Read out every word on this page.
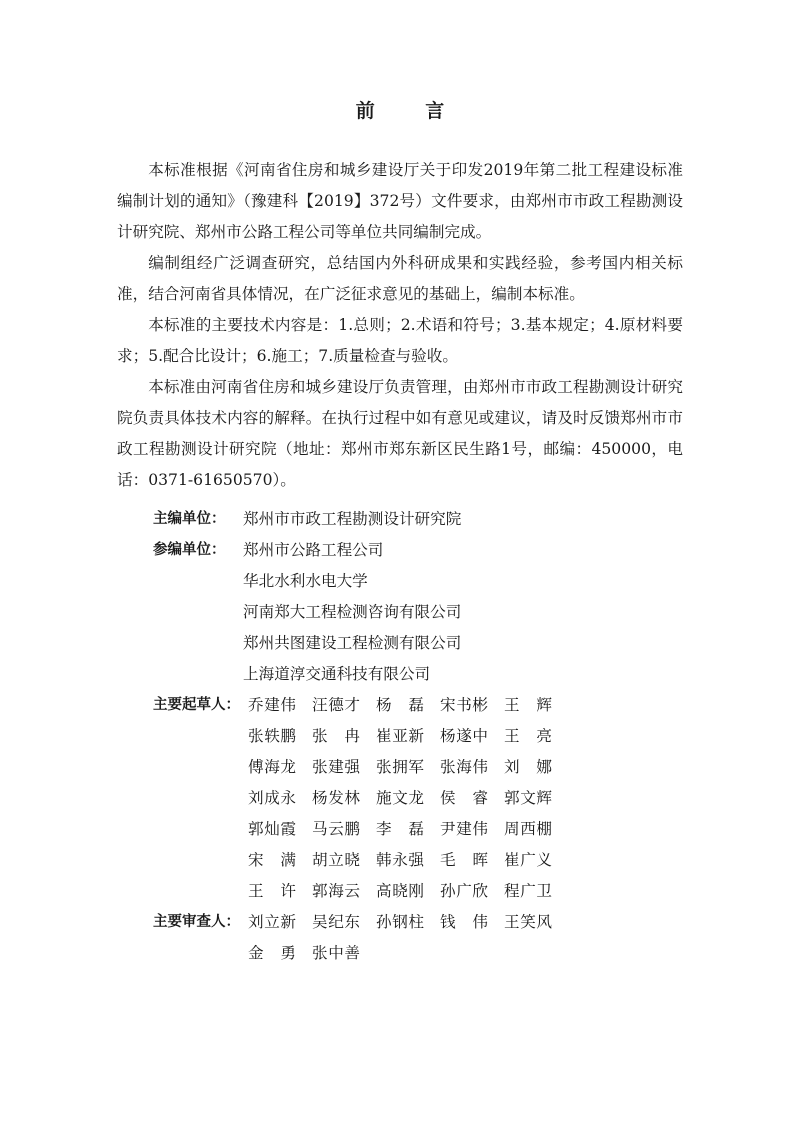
前 言

本标准根据《河南省住房和城乡建设厅关于印发2019年第二批工程建设标准编制计划的通知》（豫建科【2019】372号）文件要求，由郑州市市政工程勘测设计研究院、郑州市公路工程公司等单位共同编制完成。

编制组经广泛调查研究，总结国内外科研成果和实践经验，参考国内相关标准，结合河南省具体情况，在广泛征求意见的基础上，编制本标准。

本标准的主要技术内容是：1.总则；2.术语和符号；3.基本规定；4.原材料要求；5.配合比设计；6.施工；7.质量检查与验收。

本标准由河南省住房和城乡建设厅负责管理，由郑州市市政工程勘测设计研究院负责具体技术内容的解释。在执行过程中如有意见或建议，请及时反馈郑州市市政工程勘测设计研究院（地址：郑州市郑东新区民生路1号，邮编：450000，电话：0371-61650570）。

主编单位：	郑州市市政工程勘测设计研究院
参编单位：	郑州市公路工程公司
华北水利水电大学
河南郑大工程检测咨询有限公司
郑州共图建设工程检测有限公司
上海道淳交通科技有限公司
主要起草人： 乔建伟 汪德才 杨磊 宋书彬 王辉
张轶鹏 张冉 崔亚新 杨遂中 王亮
傅海龙 张建强 张拥军 张海伟 刘娜
刘成永 杨发林 施文龙 侯睿 郭文辉
郭灿霞 马云鹏 李磊 尹建伟 周西棚
宋满 胡立晓 韩永强 毛晖 崔广义
王许 郭海云 高晓刚 孙广欣 程广卫
主要审查人： 刘立新 吴纪东 孙钢柱 钱伟 王笑风
金勇 张中善
